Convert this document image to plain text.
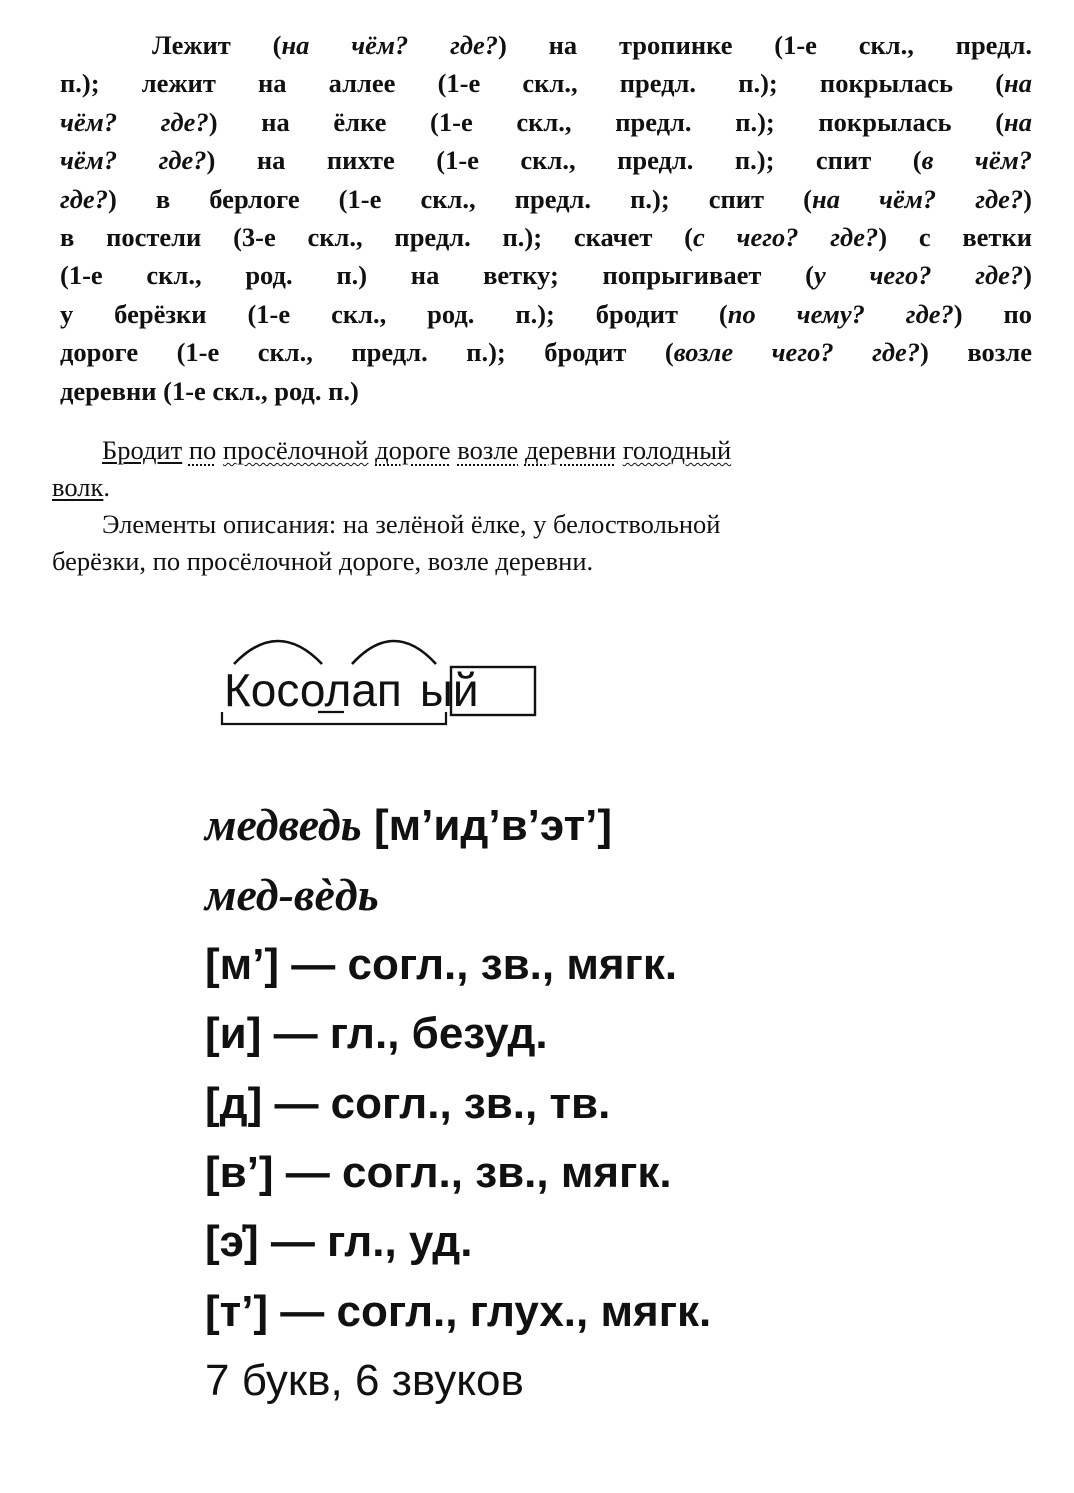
Лежит (на чём? где?) на тропинке (1-е скл., предл.
п.); лежит на аллее (1-е скл., предл. п.); покрылась (на
чём? где?) на ёлке (1-е скл., предл. п.); покрылась (на
чём? где?) на пихте (1-е скл., предл. п.); спит (в чём?
где?) в берлоге (1-е скл., предл. п.); спит (на чём? где?)
в постели (3-е скл., предл. п.); скачет (с чего? где?) с ветки
(1-е скл., род. п.) на ветку; попрыгивает (у чего? где?)
у берёзки (1-е скл., род. п.); бродит (по чему? где?) по
дороге (1-е скл., предл. п.); бродит (возле чего? где?) возле
деревни (1-е скл., род. п.)
Бродит по просёлочной дороге возле деревни голодный
волк.
Элементы описания: на зелёной ёлке, у белоствольной
берёзки, по просёлочной дороге, возле деревни.
Косолап ый
медведь [м’ид’в’эт’]
мед-вѐдь
[м’] — согл., зв., мягк.
[и] — гл., безуд.
[д] — согл., зв., тв.
[в’] — согл., зв., мягк.
[э̍] — гл., уд.
[т’] — согл., глух., мягк.
7 букв, 6 звуков
